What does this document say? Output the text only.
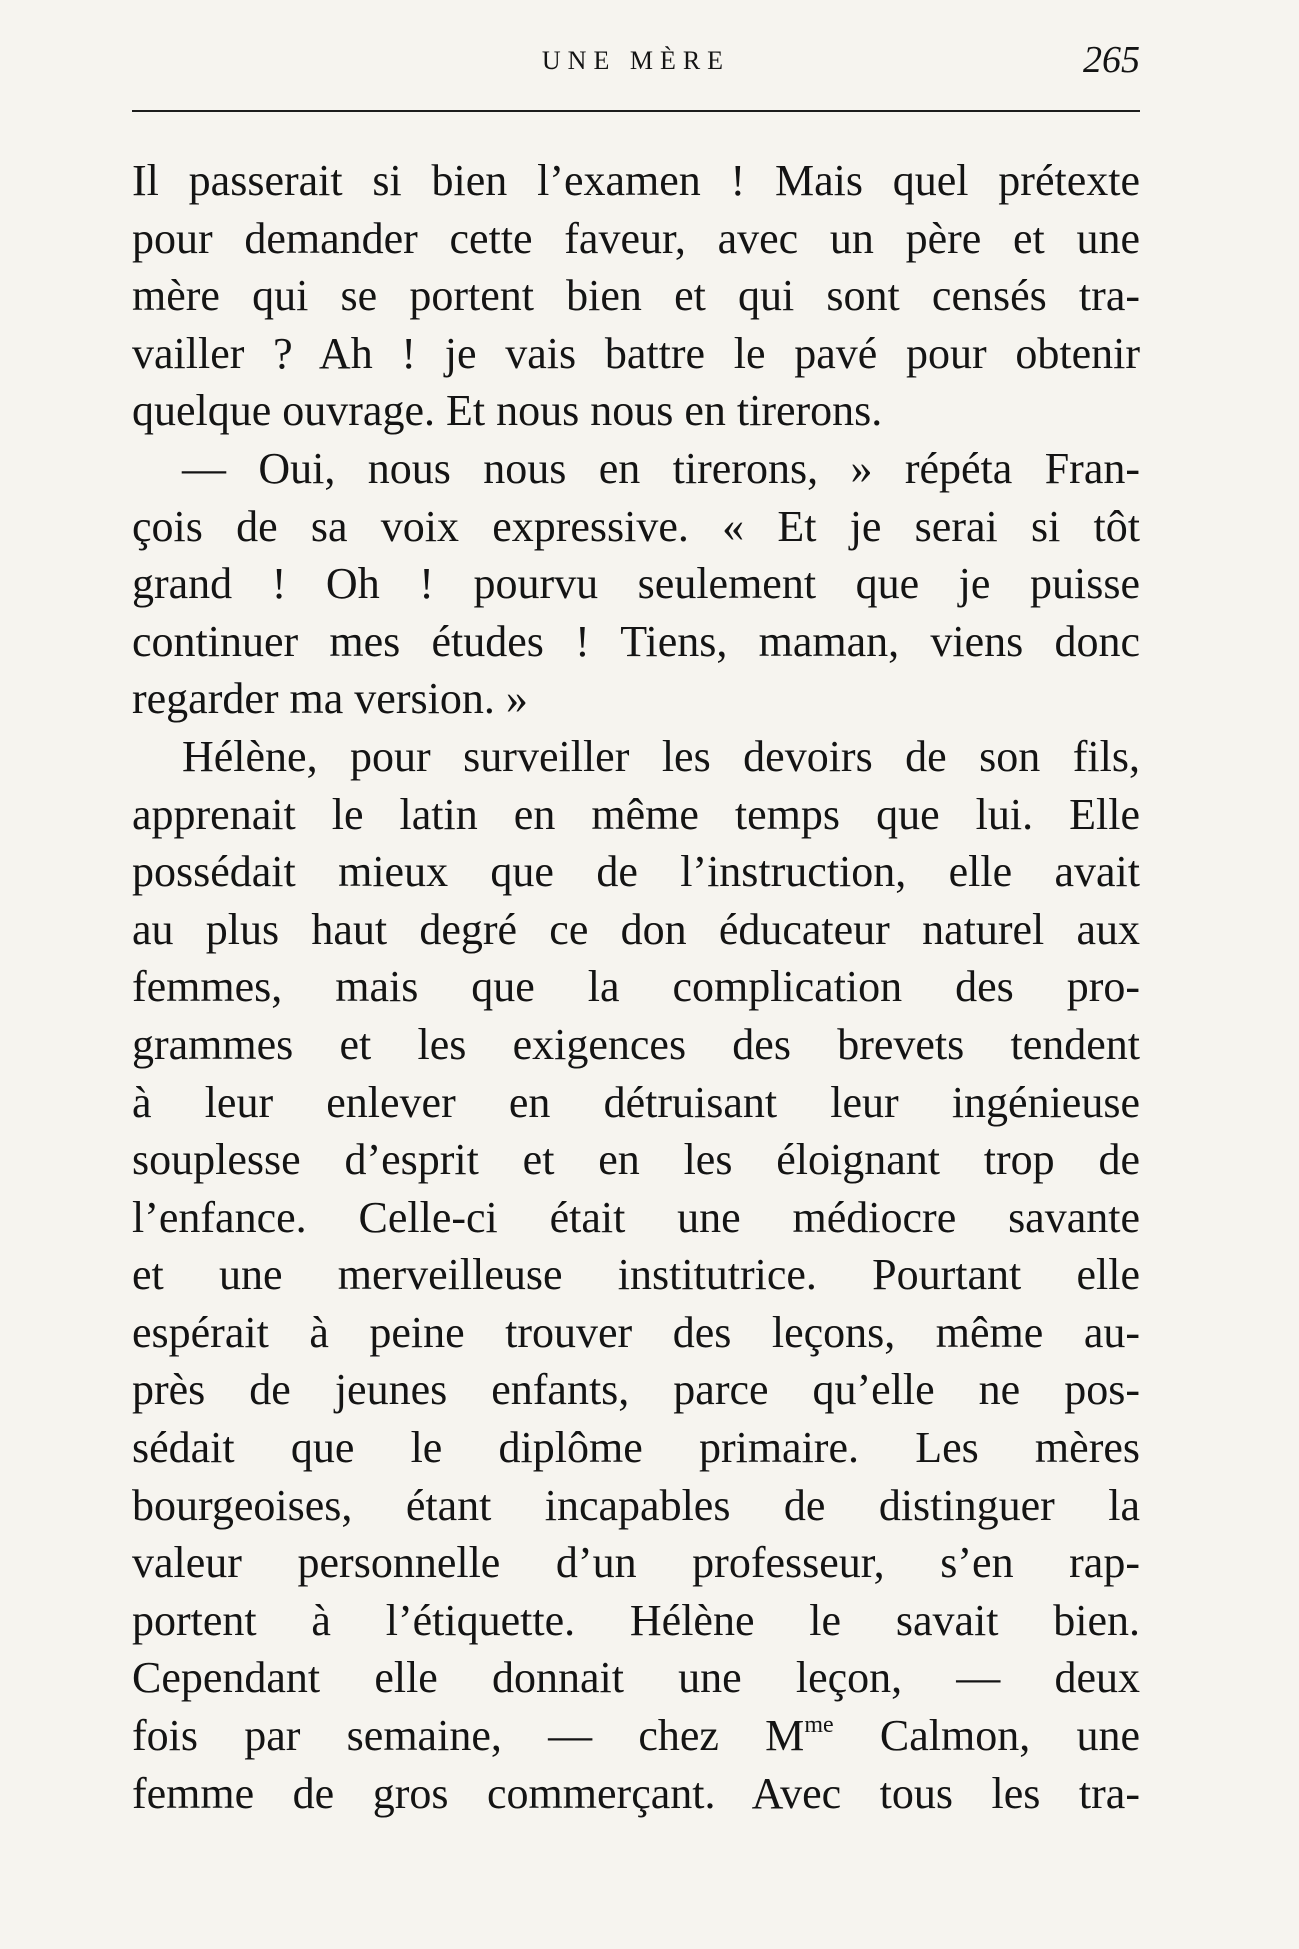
UNE MÈRE	265
Il passerait si bien l’examen ! Mais quel prétexte
pour demander cette faveur, avec un père et une
mère qui se portent bien et qui sont censés tra-
vailler ? Ah ! je vais battre le pavé pour obtenir
quelque ouvrage. Et nous nous en tirerons.
— Oui, nous nous en tirerons, » répéta Fran-
çois de sa voix expressive. « Et je serai si tôt
grand ! Oh ! pourvu seulement que je puisse
continuer mes études ! Tiens, maman, viens donc
regarder ma version. »
Hélène, pour surveiller les devoirs de son fils,
apprenait le latin en même temps que lui. Elle
possédait mieux que de l’instruction, elle avait
au plus haut degré ce don éducateur naturel aux
femmes, mais que la complication des pro-
grammes et les exigences des brevets tendent
à leur enlever en détruisant leur ingénieuse
souplesse d’esprit et en les éloignant trop de
l’enfance. Celle-ci était une médiocre savante
et une merveilleuse institutrice. Pourtant elle
espérait à peine trouver des leçons, même au-
près de jeunes enfants, parce qu’elle ne pos-
sédait que le diplôme primaire. Les mères
bourgeoises, étant incapables de distinguer la
valeur personnelle d’un professeur, s’en rap-
portent à l’étiquette. Hélène le savait bien.
Cependant elle donnait une leçon, — deux
fois par semaine, — chez $M^{me}$ Calmon, une
femme de gros commerçant. Avec tous les tra-
